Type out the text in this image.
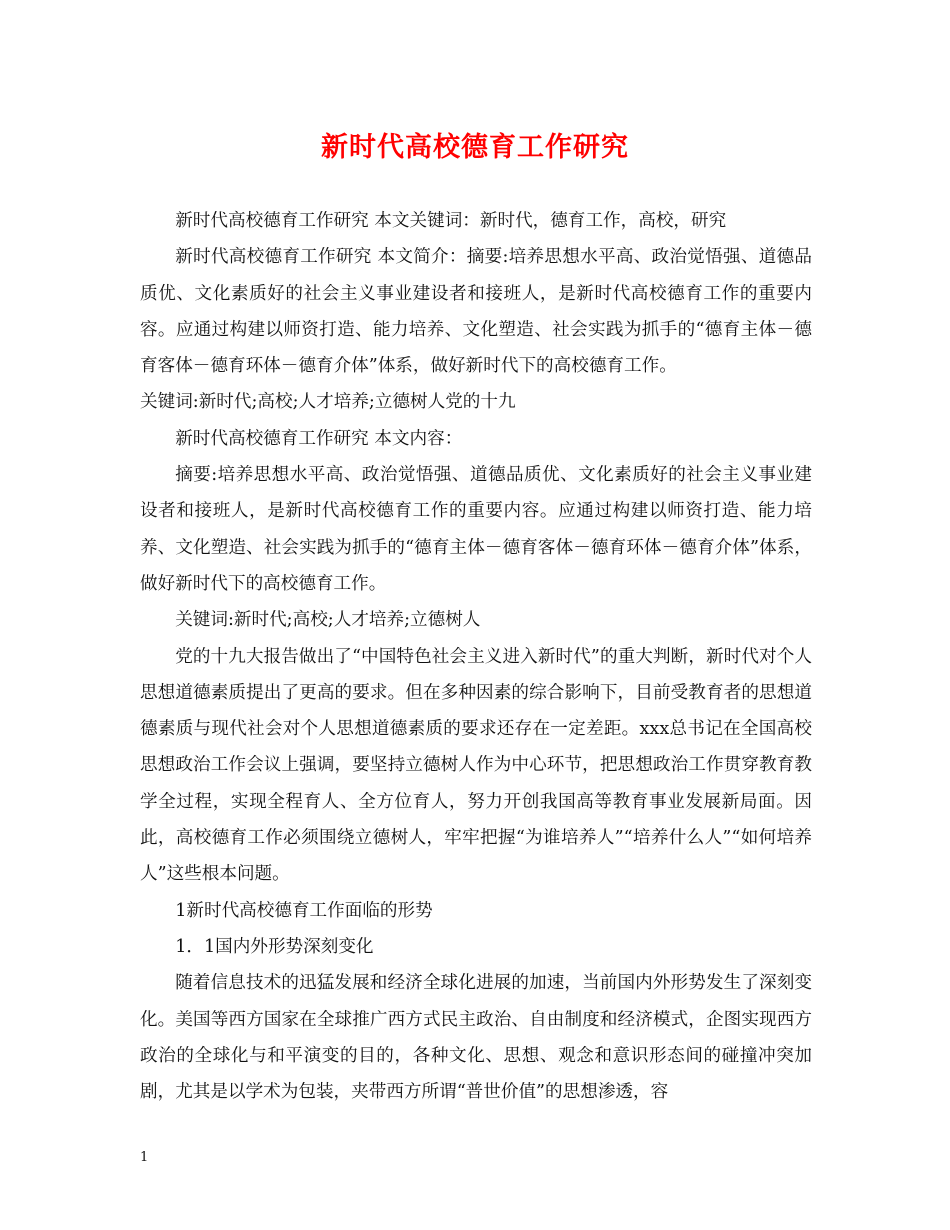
新时代高校德育工作研究

新时代高校德育工作研究 本文关键词：新时代，德育工作，高校，研究

新时代高校德育工作研究 本文简介：摘要:培养思想水平高、政治觉悟强、道德品质优、文化素质好的社会主义事业建设者和接班人，是新时代高校德育工作的重要内容。应通过构建以师资打造、能力培养、文化塑造、社会实践为抓手的“德育主体－德育客体－德育环体－德育介体”体系，做好新时代下的高校德育工作。

关键词:新时代;高校;人才培养;立德树人党的十九

新时代高校德育工作研究 本文内容：

摘要:培养思想水平高、政治觉悟强、道德品质优、文化素质好的社会主义事业建设者和接班人，是新时代高校德育工作的重要内容。应通过构建以师资打造、能力培养、文化塑造、社会实践为抓手的“德育主体－德育客体－德育环体－德育介体”体系，做好新时代下的高校德育工作。

关键词:新时代;高校;人才培养;立德树人

党的十九大报告做出了“中国特色社会主义进入新时代”的重大判断，新时代对个人思想道德素质提出了更高的要求。但在多种因素的综合影响下，目前受教育者的思想道德素质与现代社会对个人思想道德素质的要求还存在一定差距。xxx总书记在全国高校思想政治工作会议上强调，要坚持立德树人作为中心环节，把思想政治工作贯穿教育教学全过程，实现全程育人、全方位育人，努力开创我国高等教育事业发展新局面。因此，高校德育工作必须围绕立德树人，牢牢把握“为谁培养人”“培养什么人”“如何培养人”这些根本问题。

1新时代高校德育工作面临的形势

1．1国内外形势深刻变化

随着信息技术的迅猛发展和经济全球化进展的加速，当前国内外形势发生了深刻变化。美国等西方国家在全球推广西方式民主政治、自由制度和经济模式，企图实现西方政治的全球化与和平演变的目的，各种文化、思想、观念和意识形态间的碰撞冲突加剧，尤其是以学术为包装，夹带西方所谓“普世价值”的思想渗透，容

1
